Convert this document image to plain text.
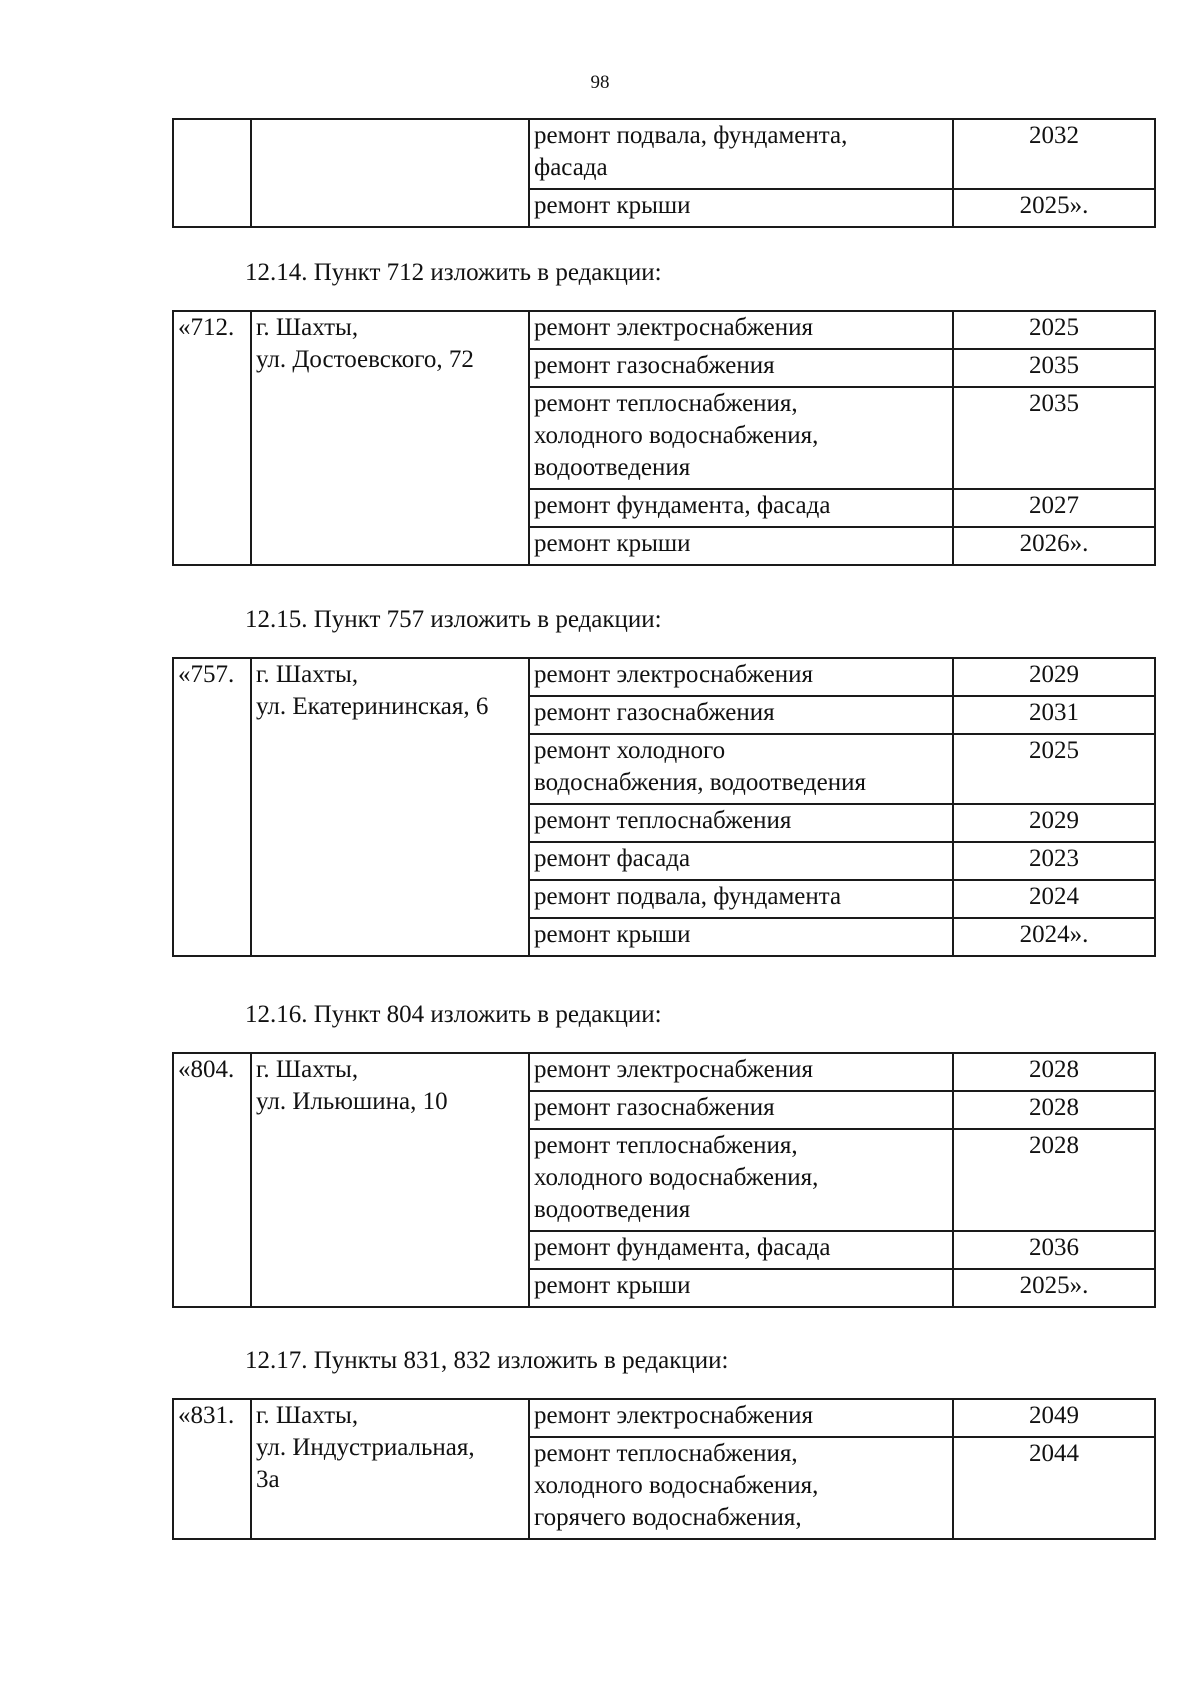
98
		ремонт подвала, фундамента,
фасада	2032
		ремонт крыши	2025».
12.14. Пункт 712 изложить в редакции:
«712.	г. Шахты,
ул. Достоевского, 72	ремонт электроснабжения	2025
		ремонт газоснабжения	2035
		ремонт теплоснабжения,
холодного водоснабжения,
водоотведения	2035
		ремонт фундамента, фасада	2027
		ремонт крыши	2026».
12.15. Пункт 757 изложить в редакции:
«757.	г. Шахты,
ул. Екатерининская, 6	ремонт электроснабжения	2029
		ремонт газоснабжения	2031
		ремонт холодного
водоснабжения, водоотведения	2025
		ремонт теплоснабжения	2029
		ремонт фасада	2023
		ремонт подвала, фундамента	2024
		ремонт крыши	2024».
12.16. Пункт 804 изложить в редакции:
«804.	г. Шахты,
ул. Ильюшина, 10	ремонт электроснабжения	2028
		ремонт газоснабжения	2028
		ремонт теплоснабжения,
холодного водоснабжения,
водоотведения	2028
		ремонт фундамента, фасада	2036
		ремонт крыши	2025».
12.17. Пункты 831, 832 изложить в редакции:
«831.	г. Шахты,
ул. Индустриальная,
3а	ремонт электроснабжения	2049
		ремонт теплоснабжения,
холодного водоснабжения,
горячего водоснабжения,	2044
